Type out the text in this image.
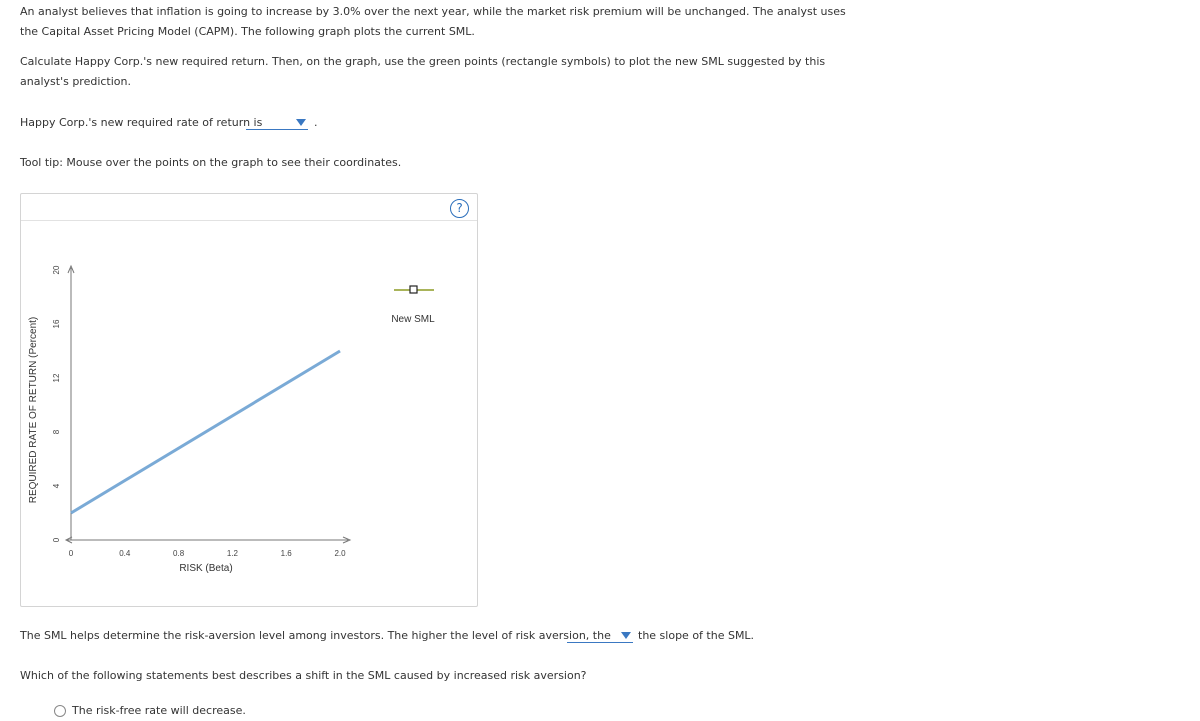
An analyst believes that inflation is going to increase by 3.0% over the next year, while the market risk premium will be unchanged. The analyst uses
the Capital Asset Pricing Model (CAPM). The following graph plots the current SML.
Calculate Happy Corp.'s new required return. Then, on the graph, use the green points (rectangle symbols) to plot the new SML suggested by this
analyst's prediction.
Happy Corp.'s new required rate of return is	.
Tool tip: Mouse over the points on the graph to see their coordinates.
?
REQUIRED RATE OF RETURN (Percent)
RISK (Beta)
0	0.4	0.8	1.2	1.6	2.0
0
4
8
12
16
20
New SML
The SML helps determine the risk-aversion level among investors. The higher the level of risk aversion, the the slope of the SML.
Which of the following statements best describes a shift in the SML caused by increased risk aversion?
The risk-free rate will decrease.
